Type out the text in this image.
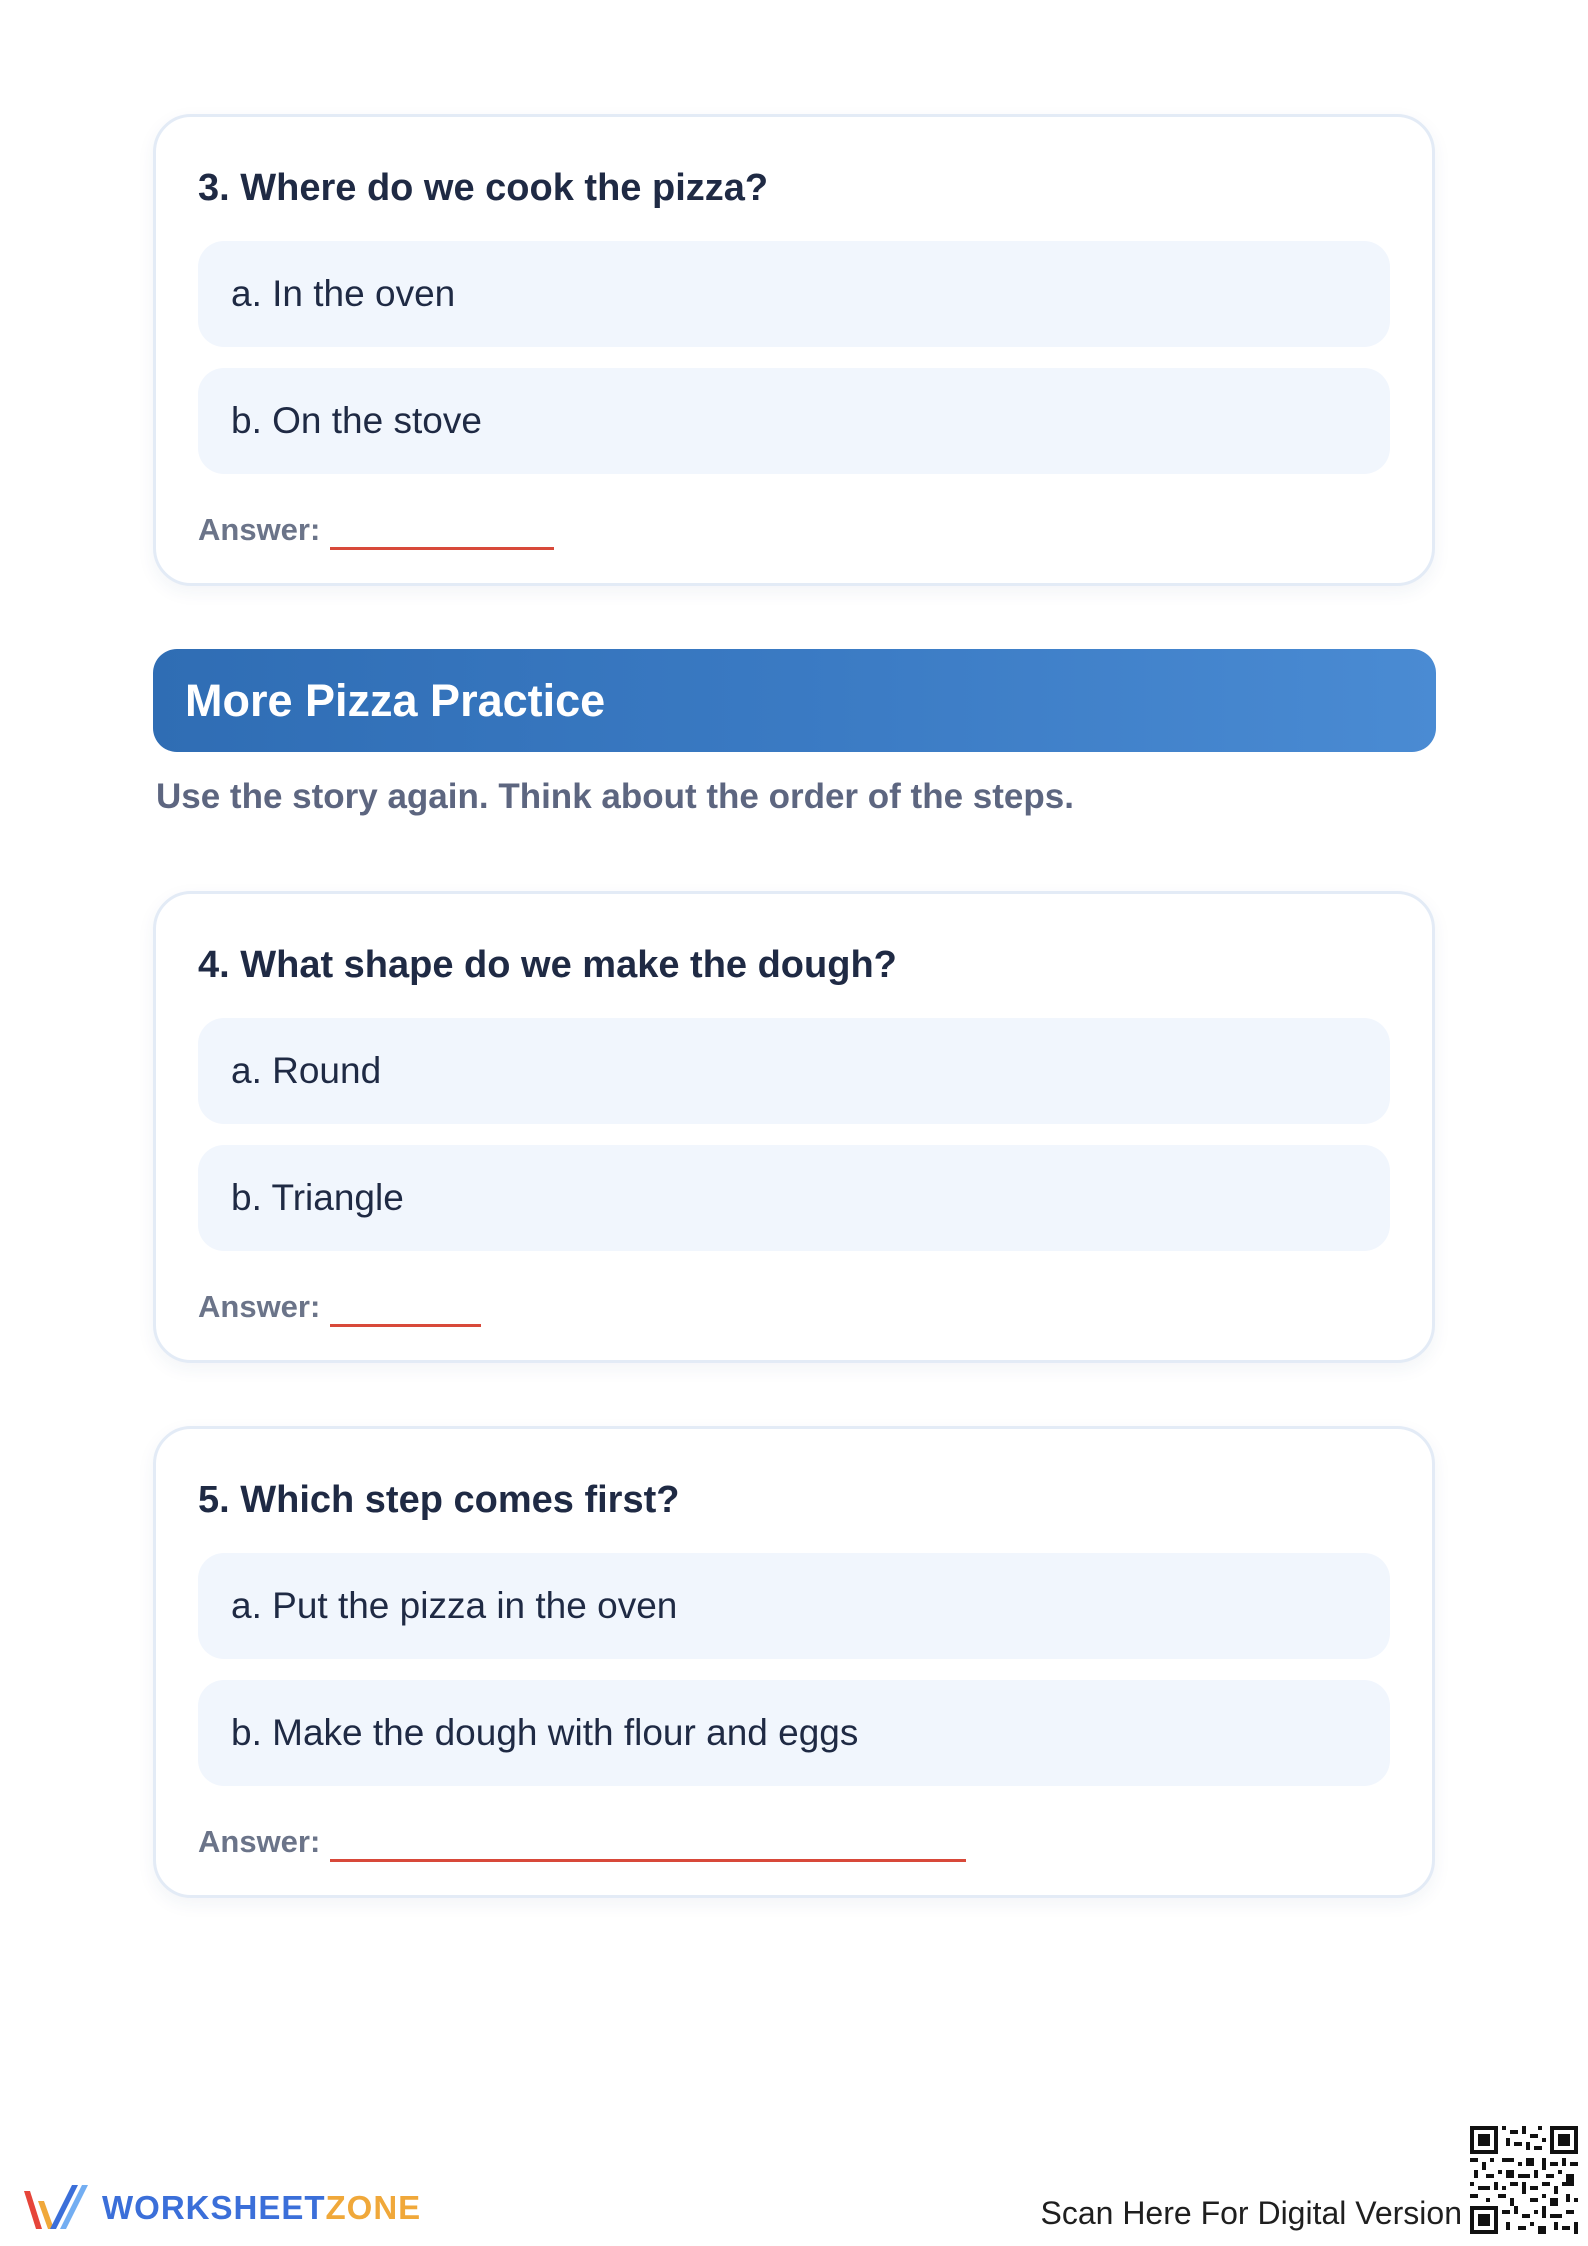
3. Where do we cook the pizza?
a. In the oven
b. On the stove
Answer:
More Pizza Practice
Use the story again. Think about the order of the steps.
4. What shape do we make the dough?
a. Round
b. Triangle
Answer:
5. Which step comes first?
a. Put the pizza in the oven
b. Make the dough with flour and eggs
Answer:
WORKSHEETZONE	Scan Here For Digital Version
